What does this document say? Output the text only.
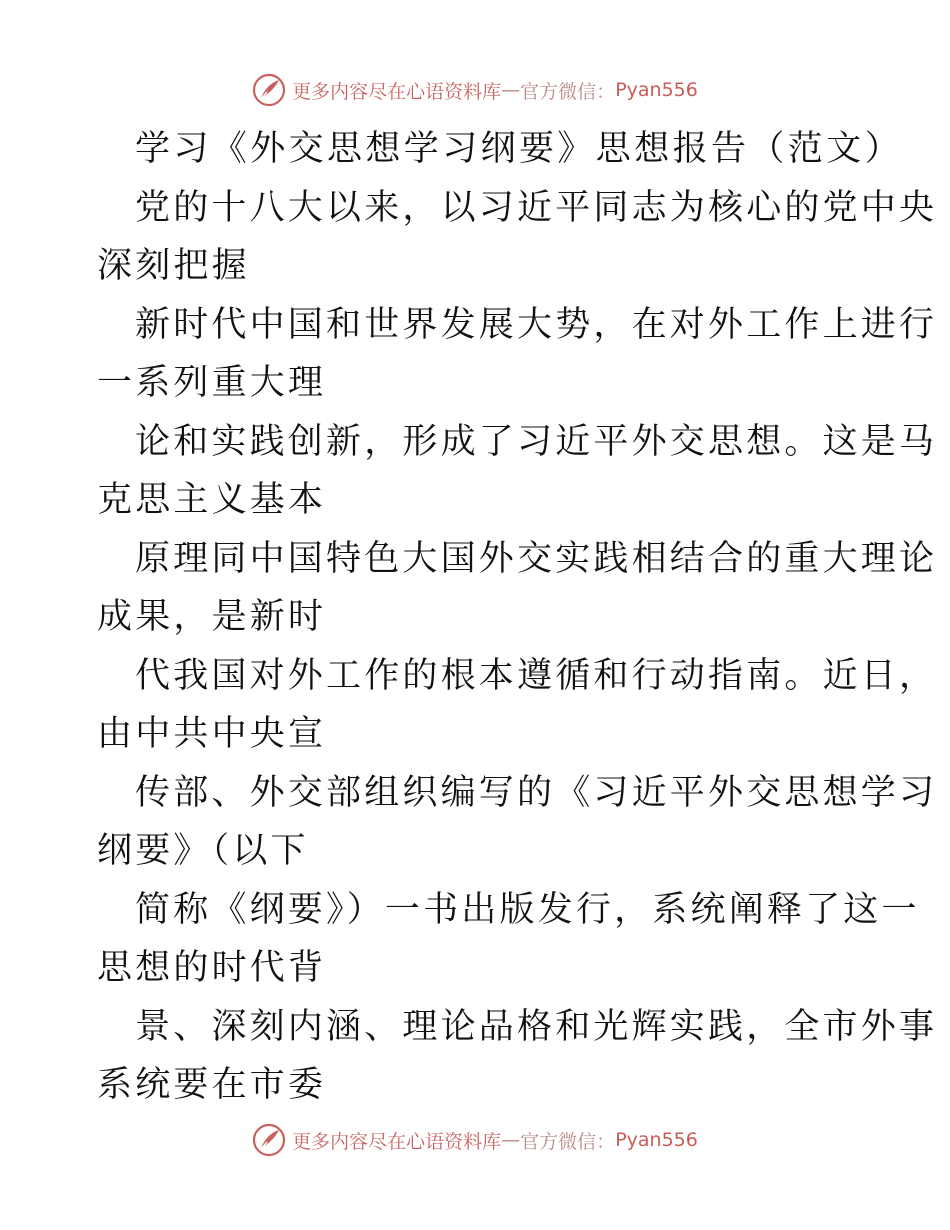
更多内容尽在心语资料库 — 官方微信： Pyan556
学习《外交思想学习纲要》思想报告（范文）
党的十八大以来，以习近平同志为核心的党中央
深刻把握
新时代中国和世界发展大势，在对外工作上进行
一系列重大理
论和实践创新，形成了习近平外交思想。这是马
克思主义基本
原理同中国特色大国外交实践相结合的重大理论
成果，是新时
代我国对外工作的根本遵循和行动指南。近日，
由中共中央宣
传部、外交部组织编写的《习近平外交思想学习
纲要》（以下
简称《纲要》）一书出版发行，系统阐释了这一
思想的时代背
景、深刻内涵、理论品格和光辉实践，全市外事
系统要在市委
更多内容尽在心语资料库 — 官方微信： Pyan556
